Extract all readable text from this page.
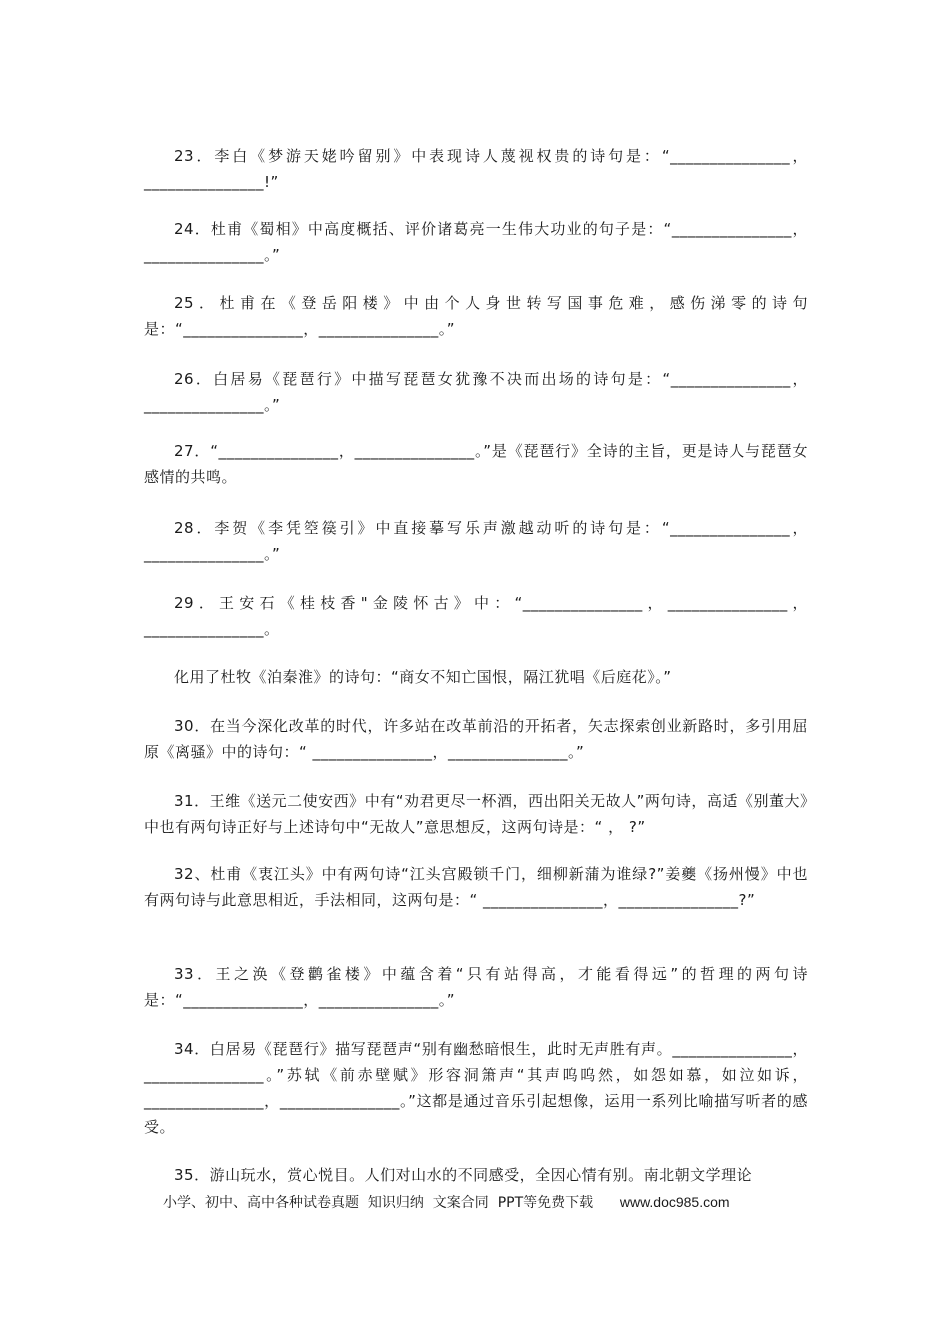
23．李白《梦游天姥吟留别》中表现诗人蔑视权贵的诗句是：“_______________，_______________!”

24．杜甫《蜀相》中高度概括、评价诸葛亮一生伟大功业的句子是：“_______________，_______________。”

25．杜甫在《登岳阳楼》中由个人身世转写国事危难，感伤涕零的诗句是：“_______________，_______________。”

26．白居易《琵琶行》中描写琵琶女犹豫不决而出场的诗句是：“_______________，_______________。”

27．“_______________，_______________。”是《琵琶行》全诗的主旨，更是诗人与琵琶女感情的共鸣。

28．李贺《李凭箜篌引》中直接摹写乐声激越动听的诗句是：“_______________，_______________。”

29．王安石《桂枝香"金陵怀古》中：“_______________，_______________，_______________。

化用了杜牧《泊秦淮》的诗句：“商女不知亡国恨，隔江犹唱《后庭花》。”

30．在当今深化改革的时代，许多站在改革前沿的开拓者，矢志探索创业新路时，多引用屈原《离骚》中的诗句：“ _______________，_______________。”

31．王维《送元二使安西》中有“劝君更尽一杯酒，西出阳关无故人”两句诗，高适《别董大》中也有两句诗正好与上述诗句中“无故人”意思想反，这两句诗是：“ ， ?”

32、杜甫《衷江头》中有两句诗“江头宫殿锁千门，细柳新蒲为谁绿?”姜夔《扬州慢》中也有两句诗与此意思相近，手法相同，这两句是：“ _______________，_______________?”

33．王之涣《登鹳雀楼》中蕴含着“只有站得高，才能看得远”的哲理的两句诗是：“_______________，_______________。”

34．白居易《琵琶行》描写琵琶声“别有幽愁暗恨生，此时无声胜有声。_______________，_______________。”苏轼《前赤壁赋》形容洞箫声“其声呜呜然，如怨如慕，如泣如诉，_______________，_______________。”这都是通过音乐引起想像，运用一系列比喻描写听者的感受。

35．游山玩水，赏心悦目。人们对山水的不同感受，全因心情有别。南北朝文学理论

小学、初中、高中各种试卷真题  知识归纳  文案合同  PPT等免费下载 www.doc985.com
